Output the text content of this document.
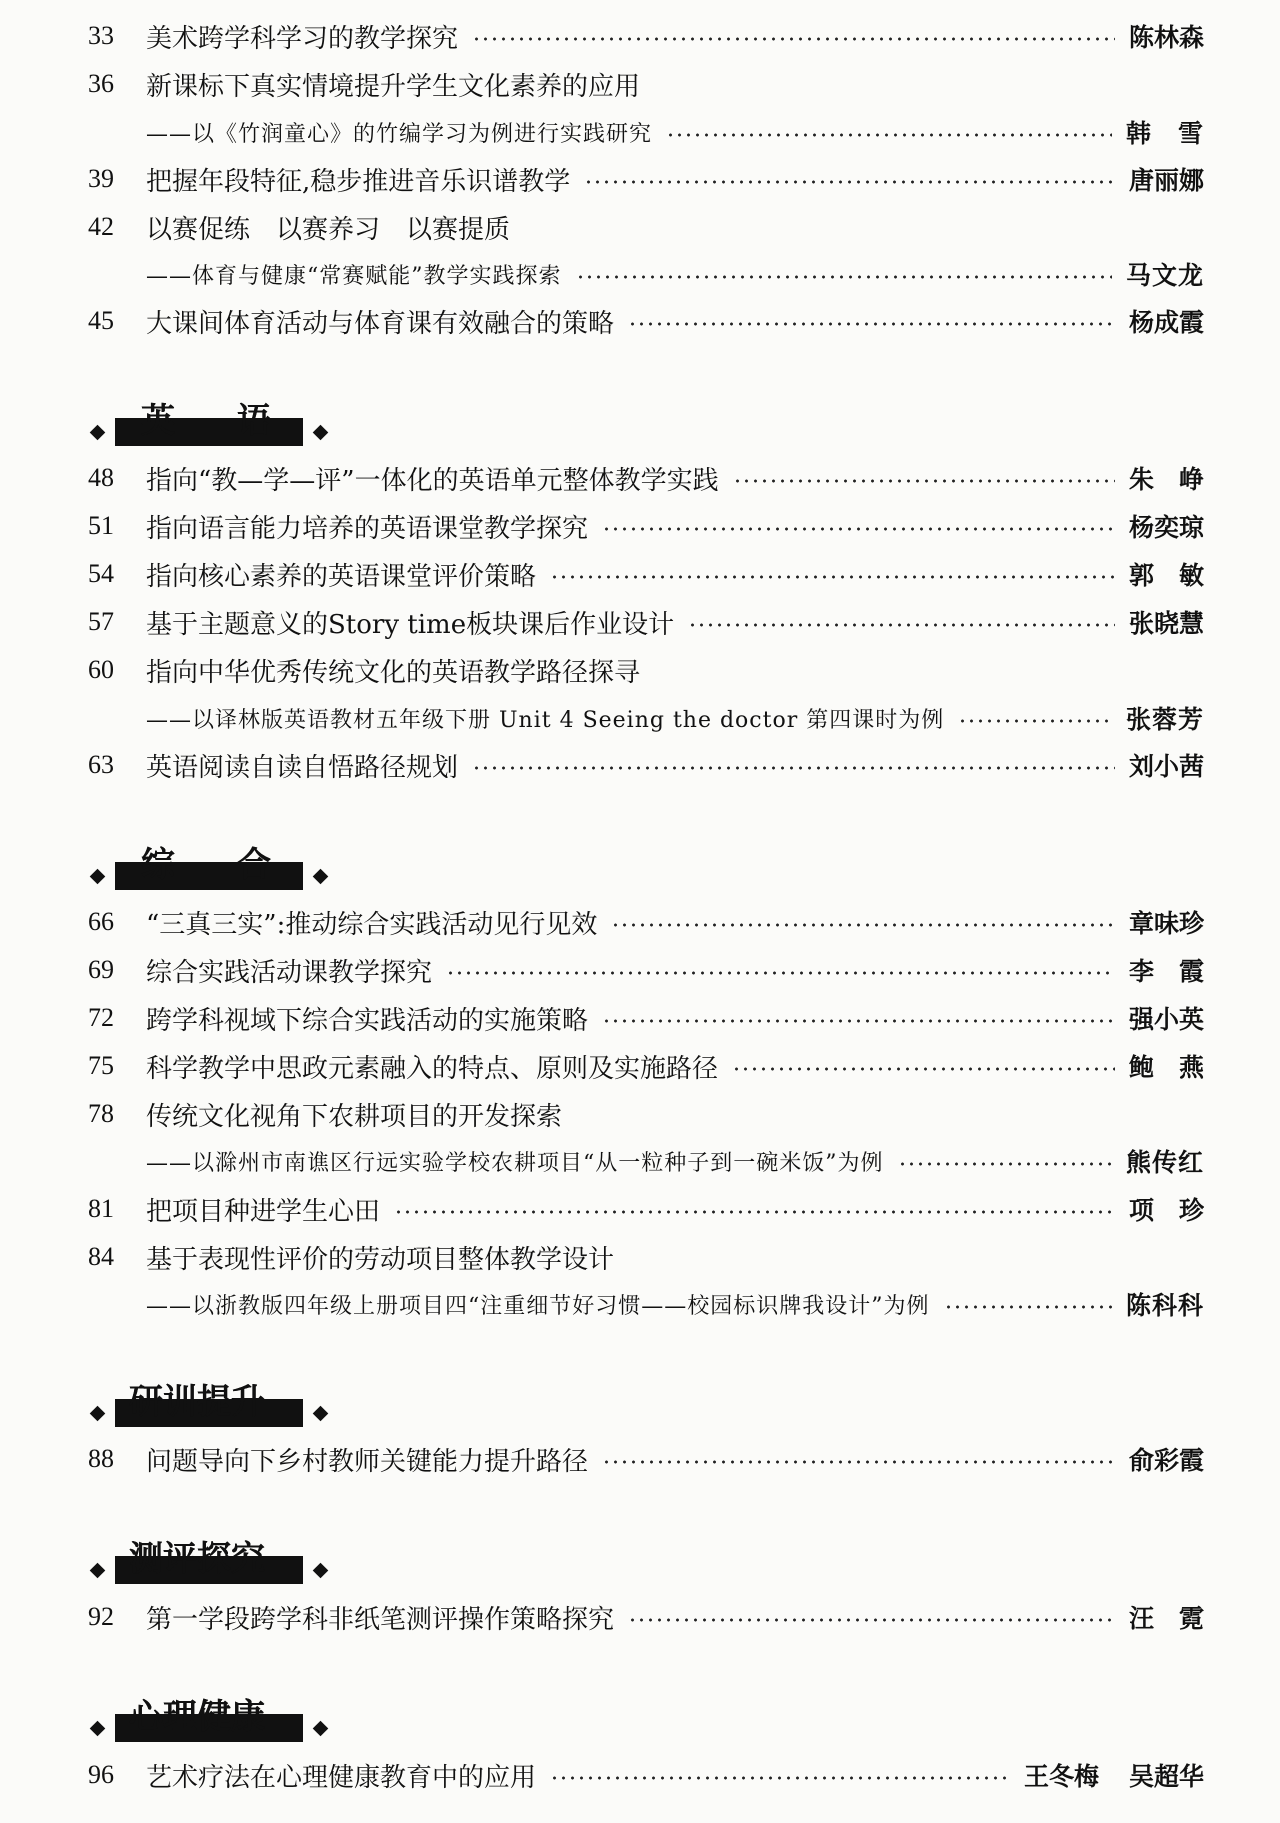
33	美术跨学科学习的教学探究	陈林森
36	新课标下真实情境提升学生文化素养的应用
——以《竹润童心》的竹编学习为例进行实践研究	韩　雪
39	把握年段特征,稳步推进音乐识谱教学	唐丽娜
42	以赛促练　以赛养习　以赛提质
——体育与健康“常赛赋能”教学实践探索	马文龙
45	大课间体育活动与体育课有效融合的策略	杨成霞
英　语
48	指向“教—学—评”一体化的英语单元整体教学实践	朱　峥
51	指向语言能力培养的英语课堂教学探究	杨奕琼
54	指向核心素养的英语课堂评价策略	郭　敏
57	基于主题意义的Story time板块课后作业设计	张晓慧
60	指向中华优秀传统文化的英语教学路径探寻
——以译林版英语教材五年级下册 Unit 4 Seeing the doctor 第四课时为例	张蓉芳
63	英语阅读自读自悟路径规划	刘小茜
综　合
66	“三真三实”:推动综合实践活动见行见效	章味珍
69	综合实践活动课教学探究	李　霞
72	跨学科视域下综合实践活动的实施策略	强小英
75	科学教学中思政元素融入的特点、原则及实施路径	鲍　燕
78	传统文化视角下农耕项目的开发探索
——以滁州市南谯区行远实验学校农耕项目“从一粒种子到一碗米饭”为例	熊传红
81	把项目种进学生心田	项　珍
84	基于表现性评价的劳动项目整体教学设计
——以浙教版四年级上册项目四“注重细节好习惯——校园标识牌我设计”为例	陈科科
研训提升
88	问题导向下乡村教师关键能力提升路径	俞彩霞
测评探究
92	第一学段跨学科非纸笔测评操作策略探究	汪　霓
心理健康
96	艺术疗法在心理健康教育中的应用	王冬梅 吴超华
